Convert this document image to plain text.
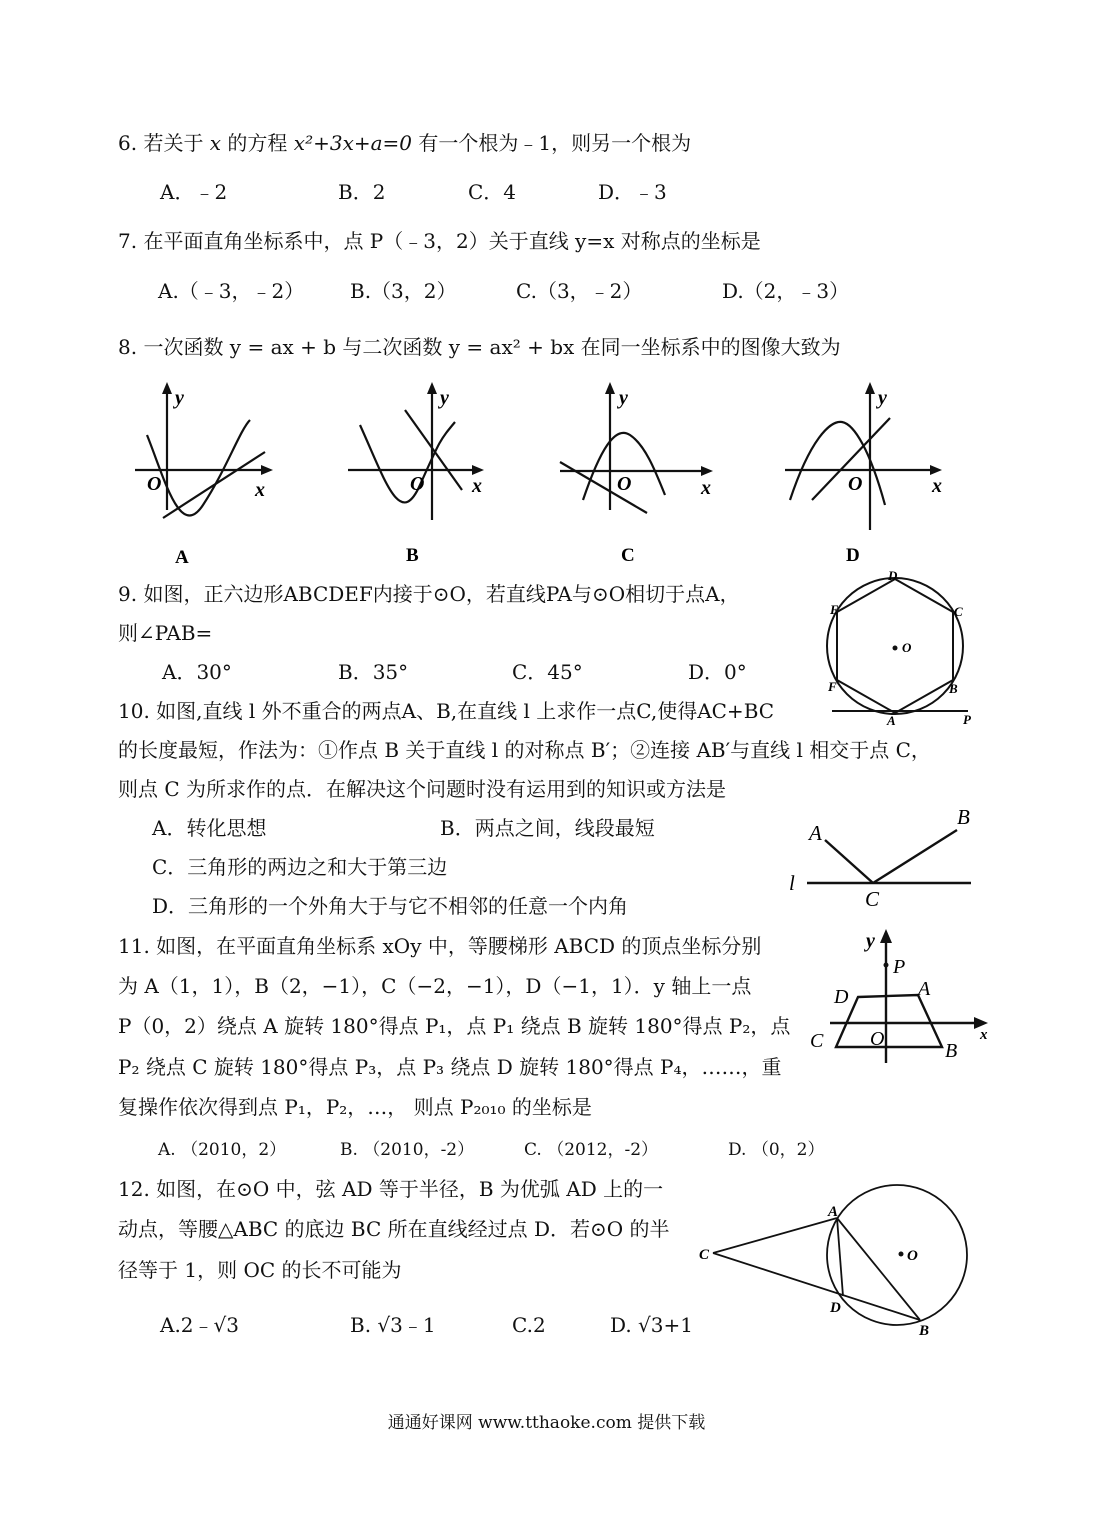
6. 若关于 x 的方程 x²+3x+a=0 有一个根为﹣1，则另一个根为
A．﹣2	B．2	C．4	D．﹣3
7. 在平面直角坐标系中，点 P（﹣3，2）关于直线 y=x 对称点的坐标是
A.（﹣3，﹣2） B.（3，2）	C.（3，﹣2）	D.（2，﹣3）
8. 一次函数 y = ax + b 与二次函数 y = ax² + bx 在同一坐标系中的图像大致为
y
x
O
A
y
x
O
B
y
x
O
C
y
x
O
D
9. 如图，正六边形ABCDEF内接于⊙O，若直线PA与⊙O相切于点A，
则∠PAB=
A．30°	B．35°	C．45°	D．0°
D
C
E
F	B
A	P
O
10. 如图,直线 l 外不重合的两点A、B,在直线 l 上求作一点C,使得AC+BC
的长度最短，作法为：①作点 B 关于直线 l 的对称点 B′；②连接 AB′与直线 l 相交于点 C，
则点 C 为所求作的点．在解决这个问题时没有运用到的知识或方法是
A．转化思想	B．两点之间，线段最短
C．三角形的两边之和大于第三边
D．三角形的一个外角大于与它不相邻的任意一个内角
A
B
C
l
11. 如图，在平面直角坐标系 xOy 中，等腰梯形 ABCD 的顶点坐标分别
为 A（1，1），B（2，−1），C（−2，−1），D（−1，1）．y 轴上一点
P（0，2）绕点 A 旋转 180°得点 P₁，点 P₁ 绕点 B 旋转 180°得点 P₂，点
P₂ 绕点 C 旋转 180°得点 P₃，点 P₃ 绕点 D 旋转 180°得点 P₄，……，重
复操作依次得到点 P₁，P₂，…， 则点 P₂₀₁₀ 的坐标是
A. （2010，2）	B. （2010，-2）	C. （2012，-2）	D. （0，2）
y
P
D	A
C O
B
x
12. 如图，在⊙O 中，弦 AD 等于半径，B 为优弧 AD 上的一
动点，等腰△ABC 的底边 BC 所在直线经过点 D．若⊙O 的半
径等于 1，则 OC 的长不可能为
A.2﹣√3	B. √3﹣1	C.2	D. √3+1
C
A
D
B
O
通通好课网 www.tthaoke.com 提供下载
